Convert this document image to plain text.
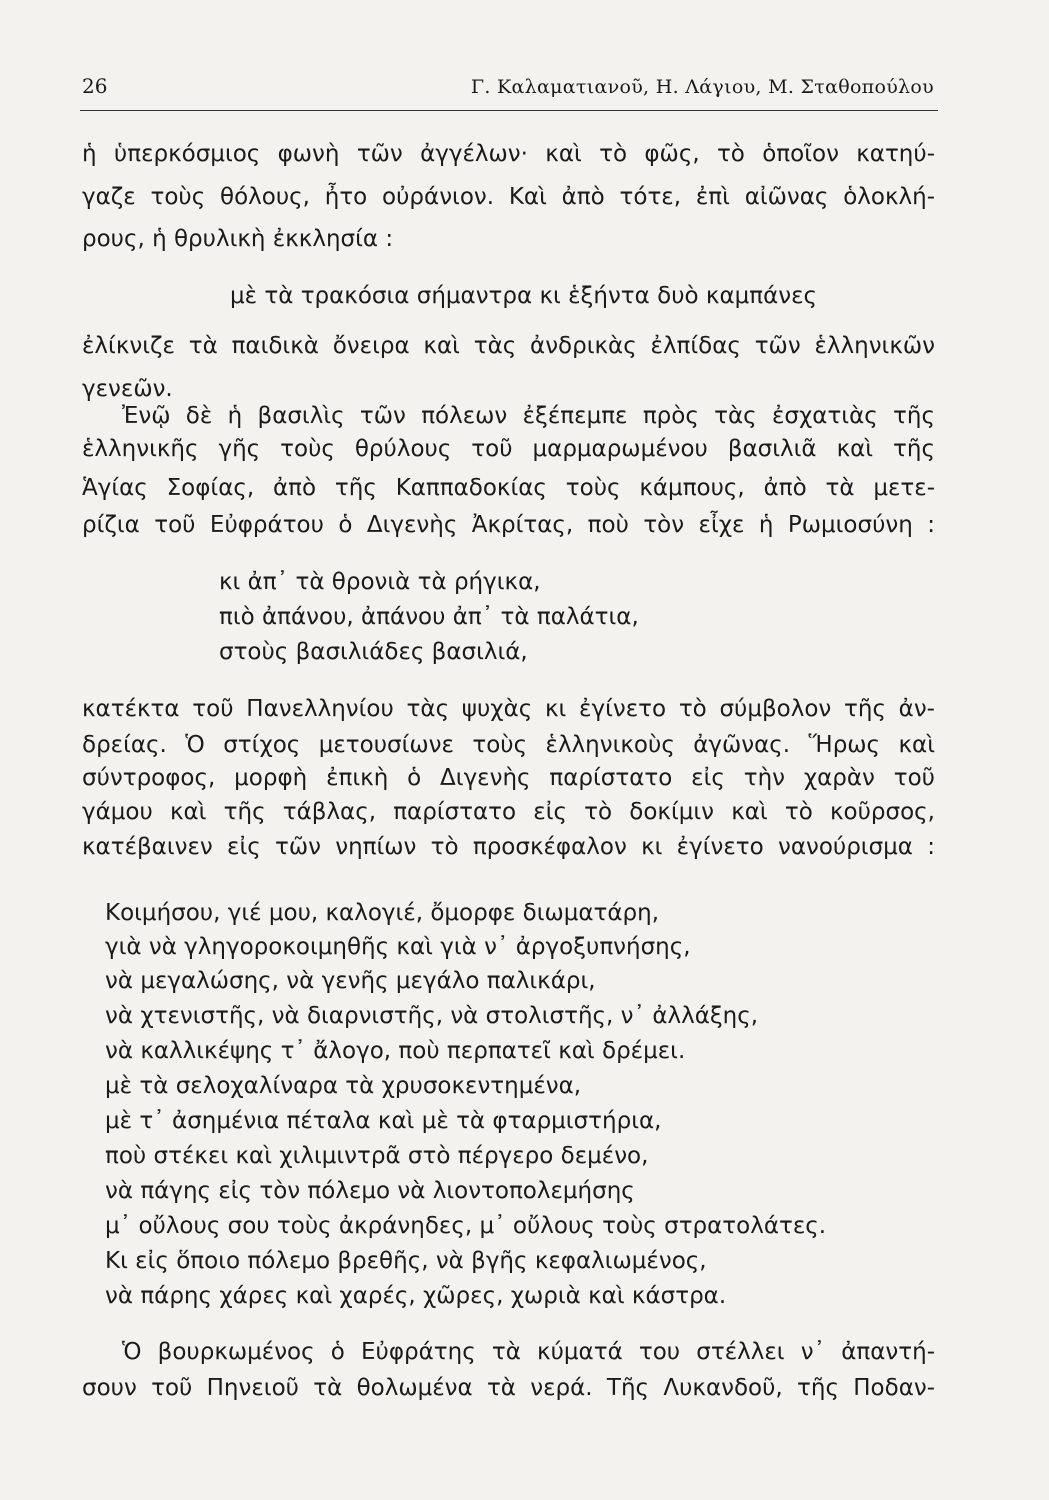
26	Γ. Καλαματιανοῦ, Η. Λάγιου, Μ. Σταθοπούλου
ἡ ὑπερκόσμιος φωνὴ τῶν ἀγγέλων· καὶ τὸ φῶς, τὸ ὁποῖον κατηύ-
γαζε τοὺς θόλους, ἦτο οὐράνιον. Καὶ ἀπὸ τότε, ἐπὶ αἰῶνας ὁλοκλή-
ρους, ἡ θρυλικὴ ἐκκλησία :
μὲ τὰ τρακόσια σήμαντρα κι ἑξήντα δυὸ καμπάνες
ἐλίκνιζε τὰ παιδικὰ ὄνειρα καὶ τὰς ἀνδρικὰς ἐλπίδας τῶν ἑλληνικῶν
γενεῶν.
Ἐνῷ δὲ ἡ βασιλὶς τῶν πόλεων ἐξέπεμπε πρὸς τὰς ἐσχατιὰς τῆς
ἑλληνικῆς γῆς τοὺς θρύλους τοῦ μαρμαρωμένου βασιλιᾶ καὶ τῆς
Ἁγίας Σοφίας, ἀπὸ τῆς Καππαδοκίας τοὺς κάμπους, ἀπὸ τὰ μετε-
ρίζια τοῦ Εὐφράτου ὁ Διγενὴς Ἀκρίτας, ποὺ τὸν εἶχε ἡ Ρωμιοσύνη :
κι ἀπ᾿ τὰ θρονιὰ τὰ ρήγικα,
πιὸ ἀπάνου, ἀπάνου ἀπ᾿ τὰ παλάτια,
στοὺς βασιλιάδες βασιλιά,
κατέκτα τοῦ Πανελληνίου τὰς ψυχὰς κι ἐγίνετο τὸ σύμβολον τῆς ἀν-
δρείας. Ὁ στίχος μετουσίωνε τοὺς ἑλληνικοὺς ἀγῶνας. Ἥρως καὶ
σύντροφος, μορφὴ ἐπικὴ ὁ Διγενὴς παρίστατο εἰς τὴν χαρὰν τοῦ
γάμου καὶ τῆς τάβλας, παρίστατο εἰς τὸ δοκίμιν καὶ τὸ κοῦρσος,
κατέβαινεν εἰς τῶν νηπίων τὸ προσκέφαλον κι ἐγίνετο νανούρισμα :
Κοιμήσου, γιέ μου, καλογιέ, ὄμορφε διωματάρη,
γιὰ νὰ γληγοροκοιμηθῆς καὶ γιὰ ν᾿ ἀργοξυπνήσης,
νὰ μεγαλώσης, νὰ γενῆς μεγάλο παλικάρι,
νὰ χτενιστῆς, νὰ διαρνιστῆς, νὰ στολιστῆς, ν᾿ ἀλλάξης,
νὰ καλλικέψης τ᾿ ἄλογο, ποὺ περπατεῖ καὶ δρέμει.
μὲ τὰ σελοχαλίναρα τὰ χρυσοκεντημένα,
μὲ τ᾿ ἀσημένια πέταλα καὶ μὲ τὰ φταρμιστήρια,
ποὺ στέκει καὶ χιλιμιντρᾶ στὸ πέργερο δεμένο,
νὰ πάγης εἰς τὸν πόλεμο νὰ λιοντοπολεμήσης
μ᾿ οὔλους σου τοὺς ἀκράνηδες, μ᾿ οὔλους τοὺς στρατολάτες.
Κι εἰς ὅποιο πόλεμο βρεθῆς, νὰ βγῆς κεφαλιωμένος,
νὰ πάρης χάρες καὶ χαρές, χῶρες, χωριὰ καὶ κάστρα.
Ὁ βουρκωμένος ὁ Εὐφράτης τὰ κύματά του στέλλει ν᾿ ἀπαντή-
σουν τοῦ Πηνειοῦ τὰ θολωμένα τὰ νερά. Τῆς Λυκανδοῦ, τῆς Ποδαν-
